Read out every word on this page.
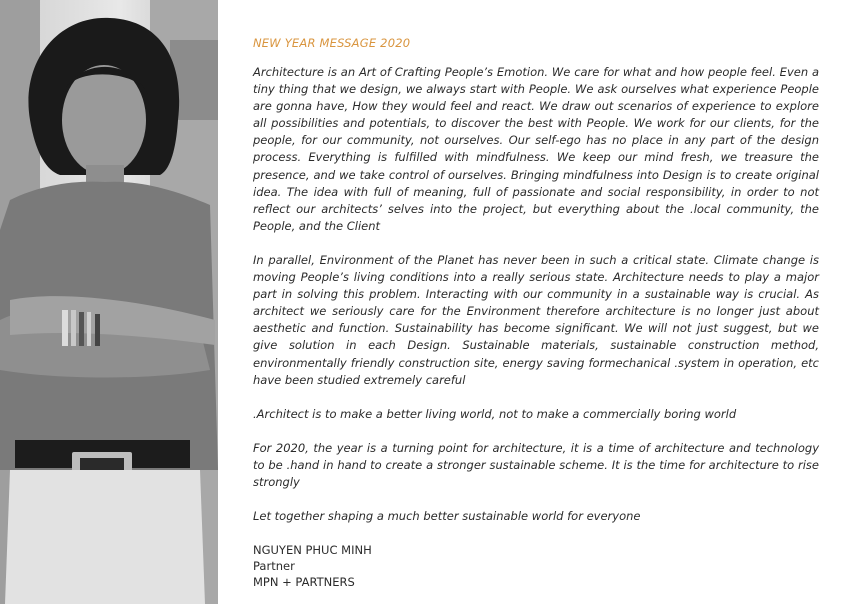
NEW YEAR MESSAGE 2020

Architecture is an Art of Crafting People’s Emotion. We care for what and how people feel. Even a tiny thing that we design, we always start with People. We ask ourselves what experience People are gonna have, How they would feel and react. We draw out scenarios of experience to explore all possibilities and potentials, to discover the best with People. We work for our clients, for the people, for our community, not ourselves. Our self-ego has no place in any part of the design process. Everything is fulfilled with mindfulness. We keep our mind fresh, we treasure the presence, and we take control of ourselves. Bringing mindfulness into Design is to create original idea. The idea with full of meaning, full of passionate and social responsibility, in order to not reflect our architects’ selves into the project, but everything about the .local community, the People, and the Client

In parallel, Environment of the Planet has never been in such a critical state. Climate change is moving People’s living conditions into a really serious state. Architecture needs to play a major part in solving this problem. Interacting with our community in a sustainable way is crucial. As architect we seriously care for the Environment therefore architecture is no longer just about aesthetic and function. Sustainability has become significant. We will not just suggest, but we give solution in each Design. Sustainable materials, sustainable construction method, environmentally friendly construction site, energy saving formechanical .system in operation, etc have been studied extremely careful

.Architect is to make a better living world, not to make a commercially boring world

For 2020, the year is a turning point for architecture, it is a time of architecture and technology to be .hand in hand to create a stronger sustainable scheme. It is the time for architecture to rise strongly

Let together shaping a much better sustainable world for everyone

NGUYEN PHUC MINH

Partner

MPN + PARTNERS
